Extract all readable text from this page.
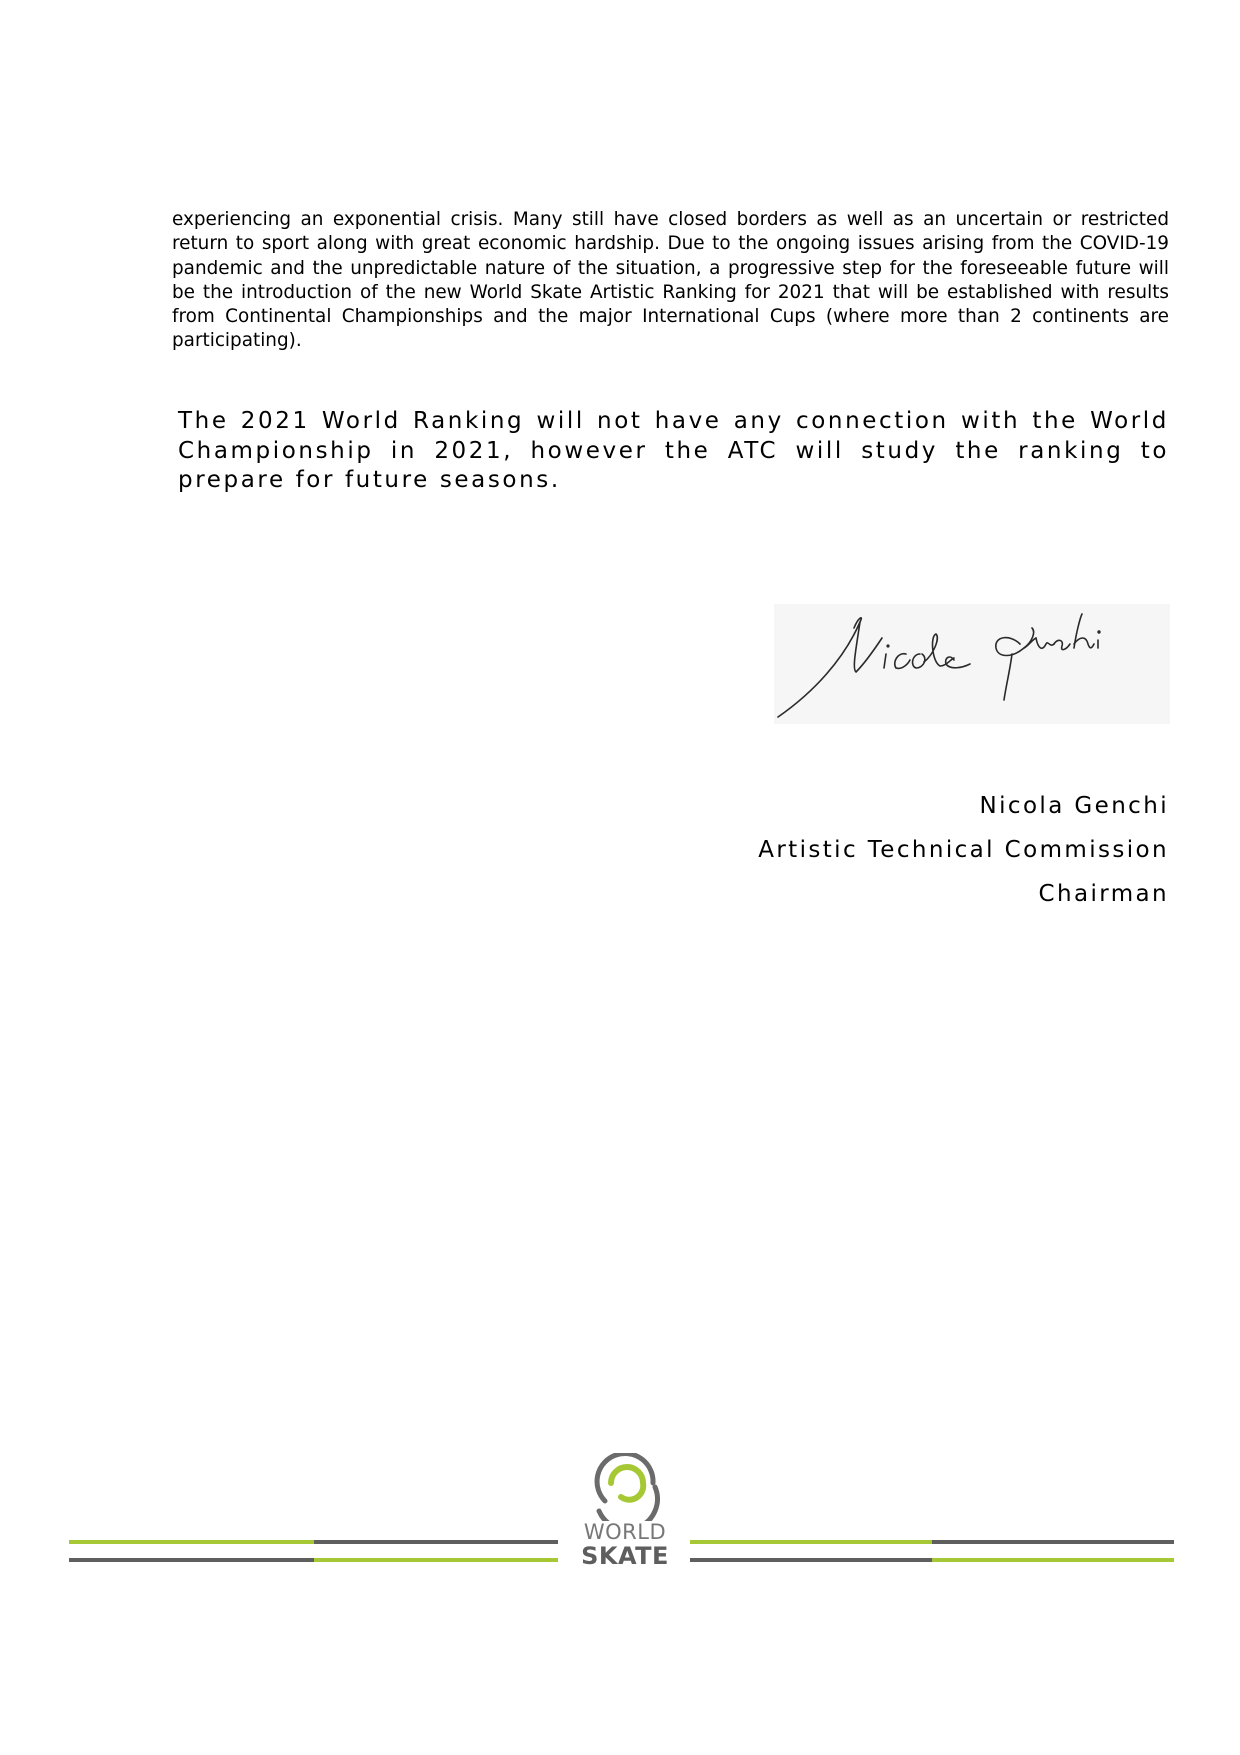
experiencing an exponential crisis. Many still have closed borders as well as an uncertain or restricted return to sport along with great economic hardship. Due to the ongoing issues arising from the COVID-19 pandemic and the unpredictable nature of the situation, a progressive step for the foreseeable future will be the introduction of the new World Skate Artistic Ranking for 2021 that will be established with results from Continental Championships and the major International Cups (where more than 2 continents are participating).

The 2021 World Ranking will not have any connection with the World Championship in 2021, however the ATC will study the ranking to prepare for future seasons.

Nicola Genchi

Artistic Technical Commission

Chairman

WORLD

SKATE
